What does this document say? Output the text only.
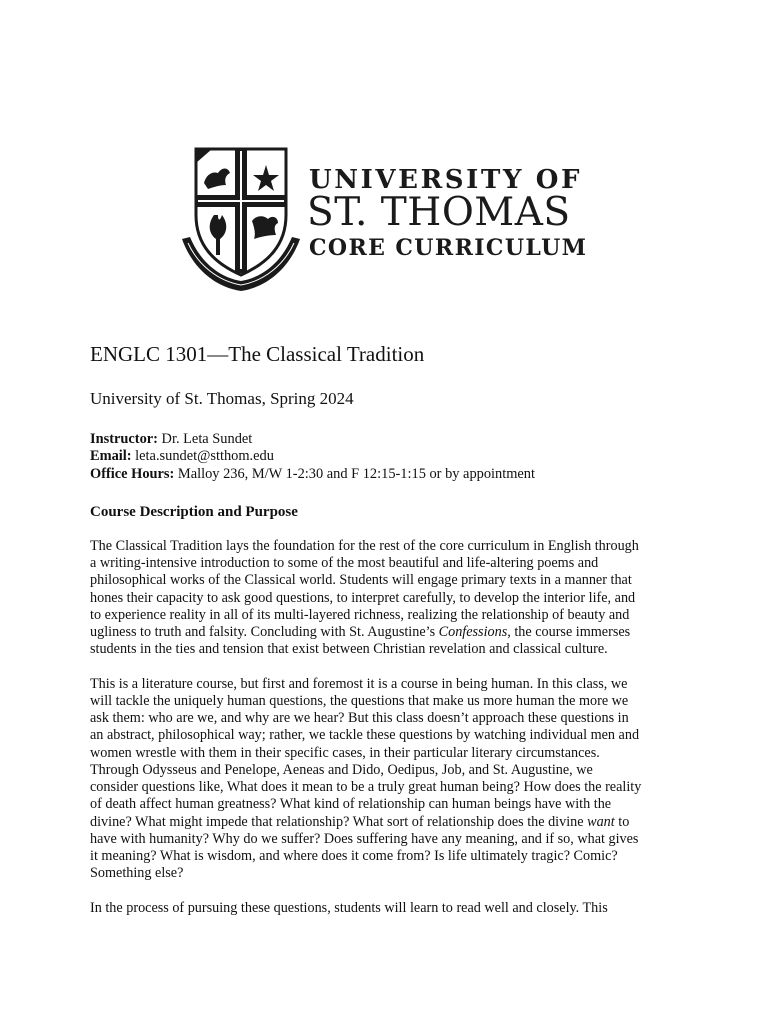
UNIVERSITY OF
ST. THOMAS
CORE CURRICULUM
ENGLC 1301—The Classical Tradition

University of St. Thomas, Spring 2024

Instructor: Dr. Leta Sundet
Email: leta.sundet@stthom.edu
Office Hours: Malloy 236, M/W 1-2:30 and F 12:15-1:15 or by appointment
Course Description and Purpose

The Classical Tradition lays the foundation for the rest of the core curriculum in English through
a writing-intensive introduction to some of the most beautiful and life-altering poems and
philosophical works of the Classical world. Students will engage primary texts in a manner that
hones their capacity to ask good questions, to interpret carefully, to develop the interior life, and
to experience reality in all of its multi-layered richness, realizing the relationship of beauty and
ugliness to truth and falsity. Concluding with St. Augustine’s Confessions, the course immerses
students in the ties and tension that exist between Christian revelation and classical culture.

This is a literature course, but first and foremost it is a course in being human. In this class, we
will tackle the uniquely human questions, the questions that make us more human the more we
ask them: who are we, and why are we hear? But this class doesn’t approach these questions in
an abstract, philosophical way; rather, we tackle these questions by watching individual men and
women wrestle with them in their specific cases, in their particular literary circumstances.
Through Odysseus and Penelope, Aeneas and Dido, Oedipus, Job, and St. Augustine, we
consider questions like, What does it mean to be a truly great human being? How does the reality
of death affect human greatness? What kind of relationship can human beings have with the
divine? What might impede that relationship? What sort of relationship does the divine want to
have with humanity? Why do we suffer? Does suffering have any meaning, and if so, what gives
it meaning? What is wisdom, and where does it come from? Is life ultimately tragic? Comic?
Something else?

In the process of pursuing these questions, students will learn to read well and closely. This
